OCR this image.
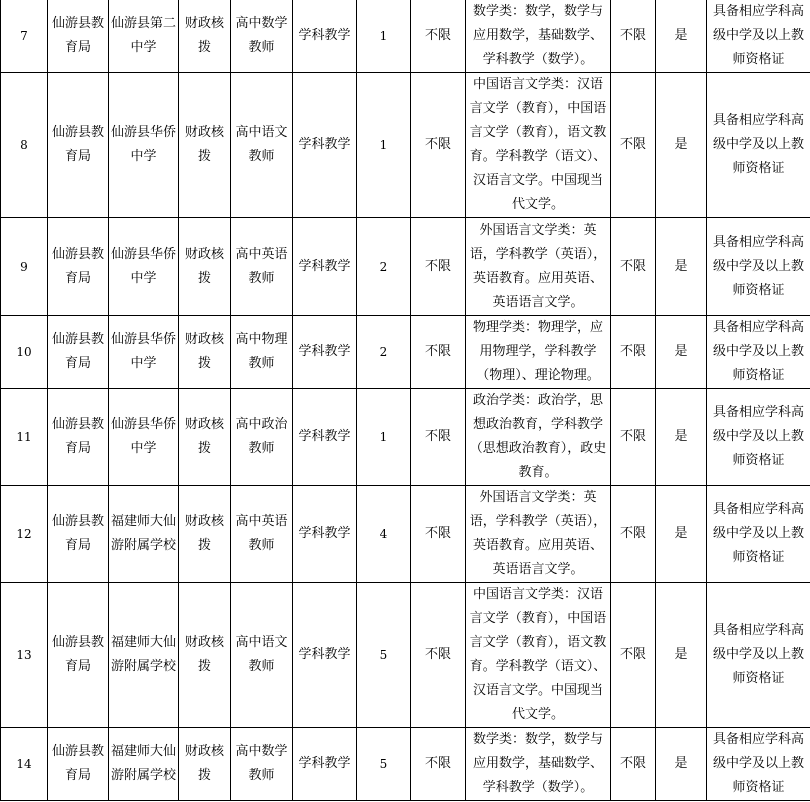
7	仙游县教育局	仙游县第二中学	财政核拨	高中数学教师	学科教学	1	不限	数学类：数学，数学与应用数学，基础数学、学科教学（数学）。	不限	是	具备相应学科高级中学及以上教师资格证
8	仙游县教育局	仙游县华侨中学	财政核拨	高中语文教师	学科教学	1	不限	中国语言文学类：汉语言文学（教育），中国语言文学（教育），语文教育。学科教学（语文）、汉语言文学。中国现当代文学。	不限	是	具备相应学科高级中学及以上教师资格证
9	仙游县教育局	仙游县华侨中学	财政核拨	高中英语教师	学科教学	2	不限	外国语言文学类：英语，学科教学（英语），英语教育。应用英语、英语语言文学。	不限	是	具备相应学科高级中学及以上教师资格证
10	仙游县教育局	仙游县华侨中学	财政核拨	高中物理教师	学科教学	2	不限	物理学类：物理学，应用物理学，学科教学（物理）、理论物理。	不限	是	具备相应学科高级中学及以上教师资格证
11	仙游县教育局	仙游县华侨中学	财政核拨	高中政治教师	学科教学	1	不限	政治学类：政治学，思想政治教育，学科教学（思想政治教育），政史教育。	不限	是	具备相应学科高级中学及以上教师资格证
12	仙游县教育局	福建师大仙游附属学校	财政核拨	高中英语教师	学科教学	4	不限	外国语言文学类：英语，学科教学（英语），英语教育。应用英语、英语语言文学。	不限	是	具备相应学科高级中学及以上教师资格证
13	仙游县教育局	福建师大仙游附属学校	财政核拨	高中语文教师	学科教学	5	不限	中国语言文学类：汉语言文学（教育），中国语言文学（教育），语文教育。学科教学（语文）、汉语言文学。中国现当代文学。	不限	是	具备相应学科高级中学及以上教师资格证
14	仙游县教育局	福建师大仙游附属学校	财政核拨	高中数学教师	学科教学	5	不限	数学类：数学，数学与应用数学，基础数学、学科教学（数学）。	不限	是	具备相应学科高级中学及以上教师资格证
